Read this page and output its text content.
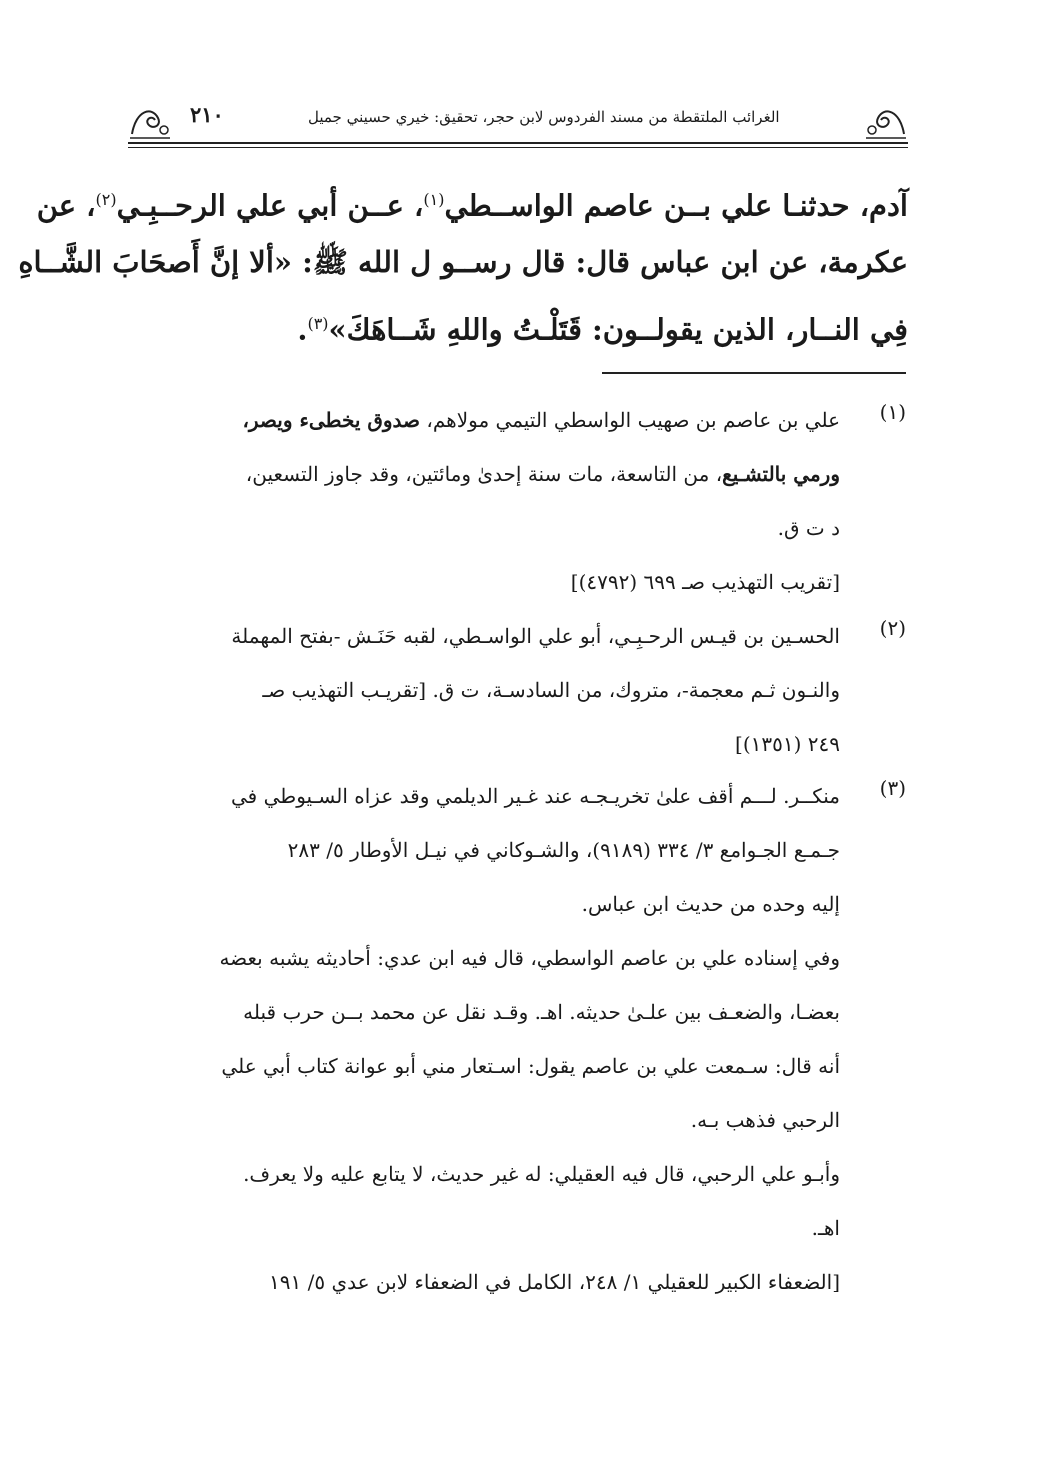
٢١٠	الغرائب الملتقطة من مسند الفردوس لابن حجر، تحقيق: خيري حسيني جميل
آدم، حدثنـا علي بــن عاصم الواســطي$^{(١)}$، عــن أبي علي الرحــبِـي$^{(٢)}$، عن
عكرمة، عن ابن عباس قال: قال رســو ل الله ﷺ: «ألا إنَّ أَصحَابَ الشَّــاهِ
فِي النــار، الذين يقولــون: قَتَلْـتُ واللهِ شَــاهَكَ»$^{(٣)}$.
(١)
علي بن عاصم بن صهيب الواسطي التيمي مولاهم، صدوق يخطىء ويصر،
ورمي بالتشـيع، من التاسعة، مات سنة إحدىٰ ومائتين، وقد جاوز التسعين،
د ت ق.
[تقريب التهذيب صـ ٦٩٩ (٤٧٩٢)]
(٢)
الحسـين بن قيـس الرحـبِـي، أبو علي الواسـطي، لقبه حَنَـش -بفتح المهملة
والنـون ثـم معجمة-، متروك، من السادسـة، ت ق. [تقريـب التهذيب صـ
٢٤٩ (١٣٥١)]
(٣)
منكــر. لـــم أقف علىٰ تخريـجـه عند غـير الديلمي وقد عزاه السـيوطي في
جـمـع الجـوامع ٣/ ٣٣٤ (٩١٨٩)، والشـوكاني في نيـل الأوطار ٥/ ٢٨٣
إليه وحده من حديث ابن عباس.
وفي إسناده علي بن عاصم الواسطي، قال فيه ابن عدي: أحاديثه يشبه بعضه
بعضـا، والضعـف بين علـىٰ حديثه. اهـ. وقـد نقل عن محمد بــن حرب قبله
أنه قال: سـمعت علي بن عاصم يقول: اسـتعار مني أبو عوانة كتاب أبي علي
الرحبي فذهب بـه.
وأبـو علي الرحبي، قال فيه العقيلي: له غير حديث، لا يتابع عليه ولا يعرف.
اهـ.
[الضعفاء الكبير للعقيلي ١/ ٢٤٨، الكامل في الضعفاء لابن عدي ٥/ ١٩١
